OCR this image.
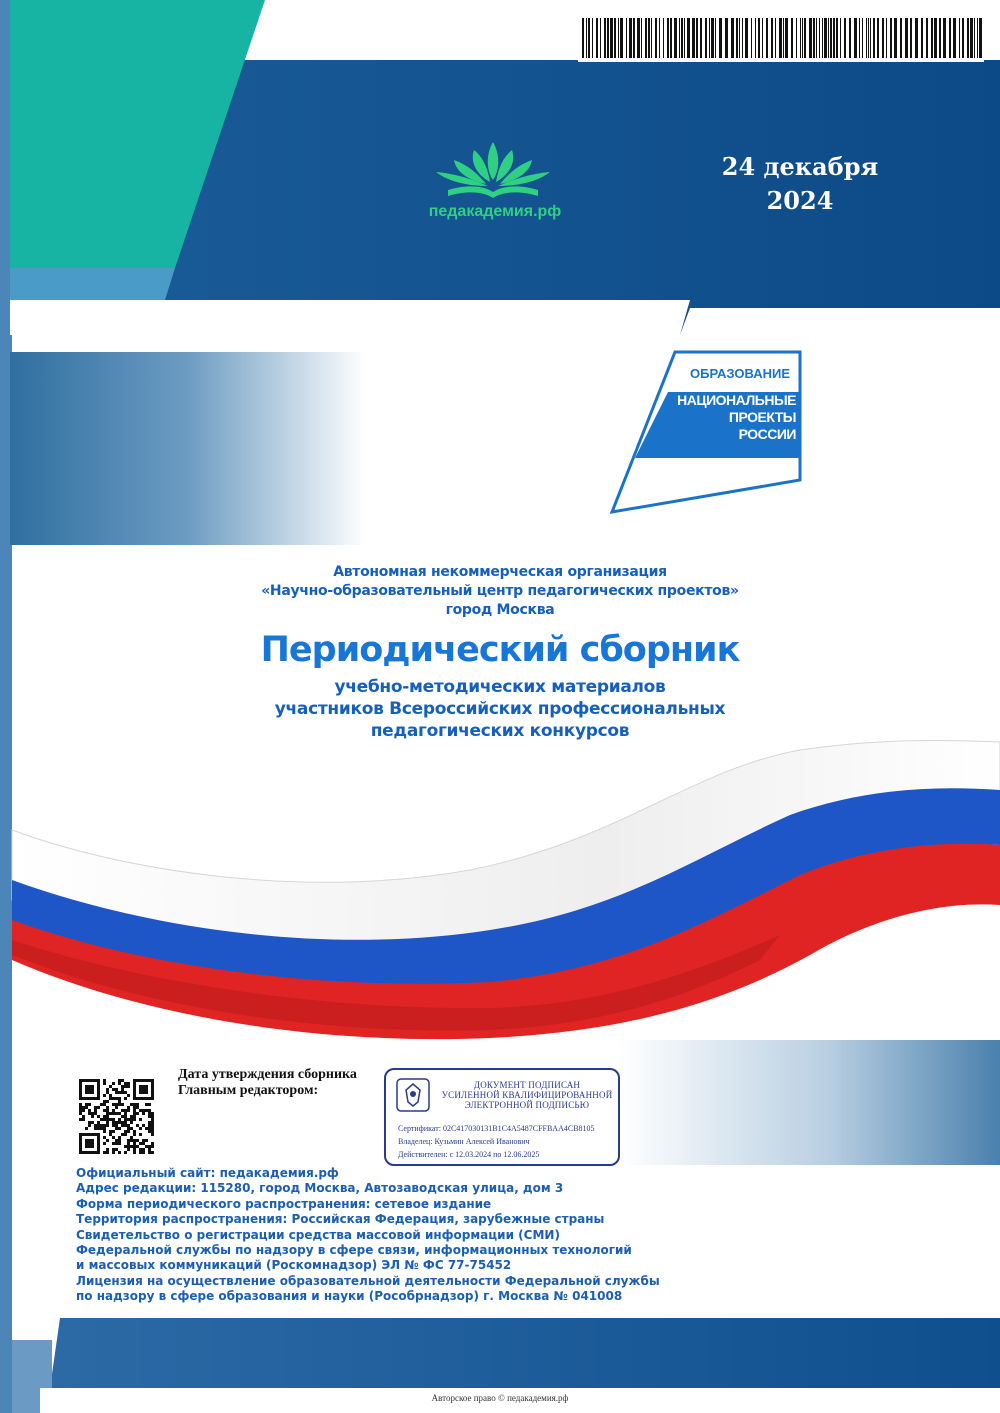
педакадемия.рф
24 декабря
2024
ОБРАЗОВАНИЕ
НАЦИОНАЛЬНЫЕ
ПРОЕКТЫ
РОССИИ
Автономная некоммерческая организация
«Научно-образовательный центр педагогических проектов»
город Москва
Периодический сборник
учебно-методических материалов
участников Всероссийских профессиональных
педагогических конкурсов
Дата утверждения сборника
Главным редактором:	ДОКУМЕНТ ПОДПИСАН
УСИЛЕННОЙ КВАЛИФИЦИРОВАННОЙ
ЭЛЕКТРОННОЙ ПОДПИСЬЮ
Сертификат: 02C417030131B1C4A5487CFFBAA4CB8105
Владелец: Кузьмин Алексей Иванович
Действителен: с 12.03.2024 по 12.06.2025
Официальный сайт: педакадемия.рф
Адрес редакции: 115280, город Москва, Автозаводская улица, дом 3
Форма периодического распространения: сетевое издание
Территория распространения: Российская Федерация, зарубежные страны
Свидетельство о регистрации средства массовой информации (СМИ)
Федеральной службы по надзору в сфере связи, информационных технологий
и массовых коммуникаций (Роскомнадзор) ЭЛ № ФС 77-75452
Лицензия на осуществление образовательной деятельности Федеральной службы
по надзору в сфере образования и науки (Рособрнадзор) г. Москва № 041008
Авторское право © педакадемия.рф
